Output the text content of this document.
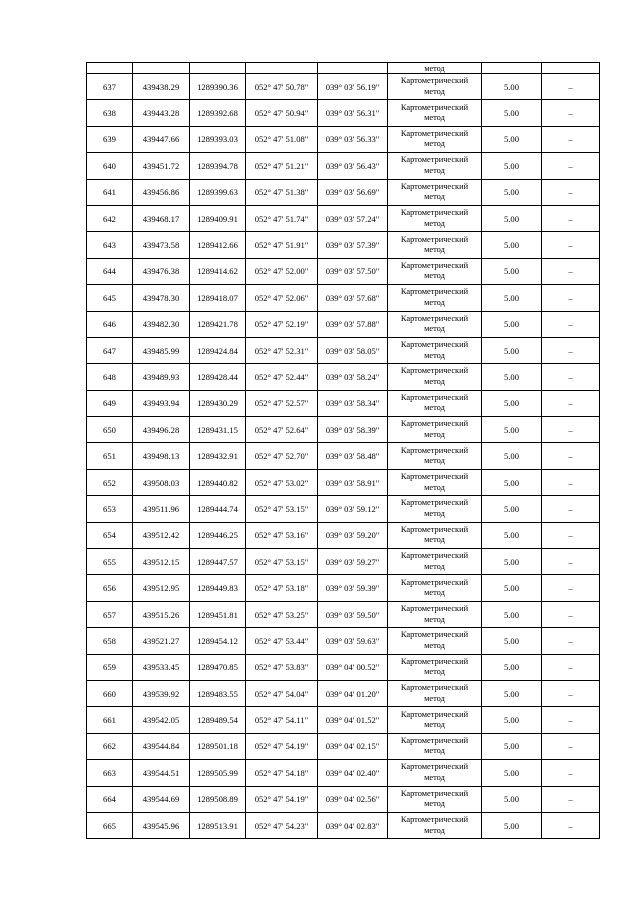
					метод		
637	439438.29	1289390.36	052° 47' 50.78"	039° 03' 56.19"	Картометрический
метод	5.00	–
638	439443.28	1289392.68	052° 47' 50.94"	039° 03' 56.31"	Картометрический
метод	5.00	–
639	439447.66	1289393.03	052° 47' 51.08"	039° 03' 56.33"	Картометрический
метод	5.00	–
640	439451.72	1289394.78	052° 47' 51.21"	039° 03' 56.43"	Картометрический
метод	5.00	–
641	439456.86	1289399.63	052° 47' 51.38"	039° 03' 56.69"	Картометрический
метод	5.00	–
642	439468.17	1289409.91	052° 47' 51.74"	039° 03' 57.24"	Картометрический
метод	5.00	–
643	439473.58	1289412.66	052° 47' 51.91"	039° 03' 57.39"	Картометрический
метод	5.00	–
644	439476.38	1289414.62	052° 47' 52.00"	039° 03' 57.50"	Картометрический
метод	5.00	–
645	439478.30	1289418.07	052° 47' 52.06"	039° 03' 57.68"	Картометрический
метод	5.00	–
646	439482.30	1289421.78	052° 47' 52.19"	039° 03' 57.88"	Картометрический
метод	5.00	–
647	439485.99	1289424.84	052° 47' 52.31"	039° 03' 58.05"	Картометрический
метод	5.00	–
648	439489.93	1289428.44	052° 47' 52.44"	039° 03' 58.24"	Картометрический
метод	5.00	–
649	439493.94	1289430.29	052° 47' 52.57"	039° 03' 58.34"	Картометрический
метод	5.00	–
650	439496.28	1289431.15	052° 47' 52.64"	039° 03' 58.39"	Картометрический
метод	5.00	–
651	439498.13	1289432.91	052° 47' 52.70"	039° 03' 58.48"	Картометрический
метод	5.00	–
652	439508.03	1289440.82	052° 47' 53.02"	039° 03' 58.91"	Картометрический
метод	5.00	–
653	439511.96	1289444.74	052° 47' 53.15"	039° 03' 59.12"	Картометрический
метод	5.00	–
654	439512.42	1289446.25	052° 47' 53.16"	039° 03' 59.20"	Картометрический
метод	5.00	–
655	439512.15	1289447.57	052° 47' 53.15"	039° 03' 59.27"	Картометрический
метод	5.00	–
656	439512.95	1289449.83	052° 47' 53.18"	039° 03' 59.39"	Картометрический
метод	5.00	–
657	439515.26	1289451.81	052° 47' 53.25"	039° 03' 59.50"	Картометрический
метод	5.00	–
658	439521.27	1289454.12	052° 47' 53.44"	039° 03' 59.63"	Картометрический
метод	5.00	–
659	439533.45	1289470.85	052° 47' 53.83"	039° 04' 00.52"	Картометрический
метод	5.00	–
660	439539.92	1289483.55	052° 47' 54.04"	039° 04' 01.20"	Картометрический
метод	5.00	–
661	439542.05	1289489.54	052° 47' 54.11"	039° 04' 01.52"	Картометрический
метод	5.00	–
662	439544.84	1289501.18	052° 47' 54.19"	039° 04' 02.15"	Картометрический
метод	5.00	–
663	439544.51	1289505.99	052° 47' 54.18"	039° 04' 02.40"	Картометрический
метод	5.00	–
664	439544.69	1289508.89	052° 47' 54.19"	039° 04' 02.56"	Картометрический
метод	5.00	–
665	439545.96	1289513.91	052° 47' 54.23"	039° 04' 02.83"	Картометрический
метод	5.00	–
